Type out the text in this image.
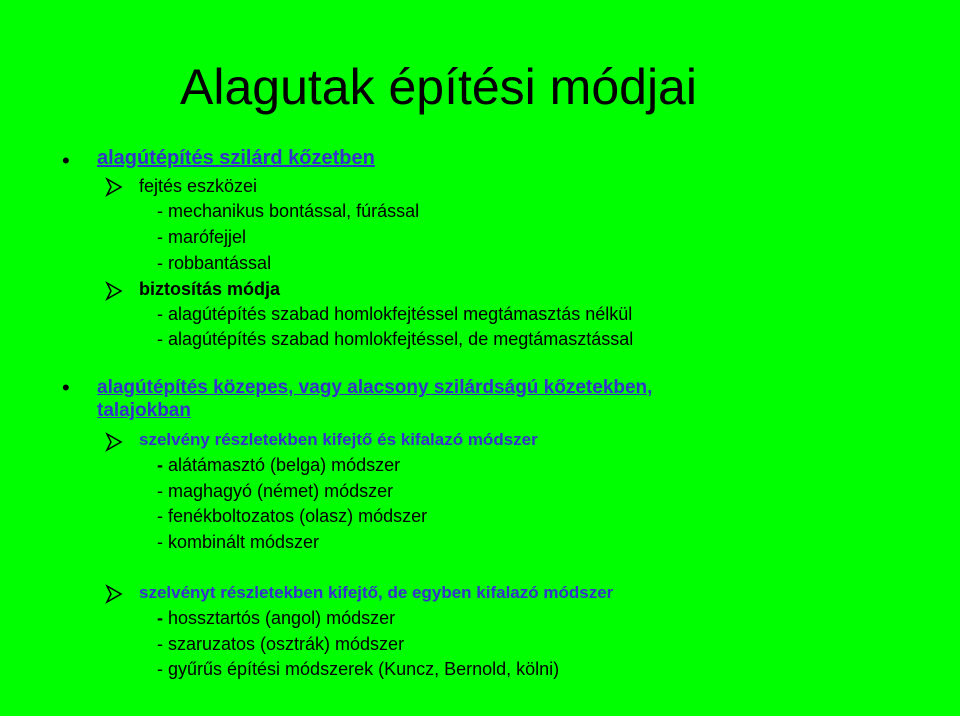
Alagutak építési módjai
• alagútépítés szilárd kőzetben
fejtés eszközei
- mechanikus bontással, fúrással
- marófejjel
- robbantással
biztosítás módja
- alagútépítés szabad homlokfejtéssel megtámasztás nélkül
- alagútépítés szabad homlokfejtéssel, de megtámasztással
• alagútépítés közepes, vagy alacsony szilárdságú kőzetekben,
talajokban
szelvény részletekben kifejtő és kifalazó módszer
- alátámasztó (belga) módszer
- maghagyó (német) módszer
- fenékboltozatos (olasz) módszer
- kombinált módszer
szelvényt részletekben kifejtő, de egyben kifalazó módszer
- hossztartós (angol) módszer
- szaruzatos (osztrák) módszer
- gyűrűs építési módszerek (Kuncz, Bernold, kölni)
